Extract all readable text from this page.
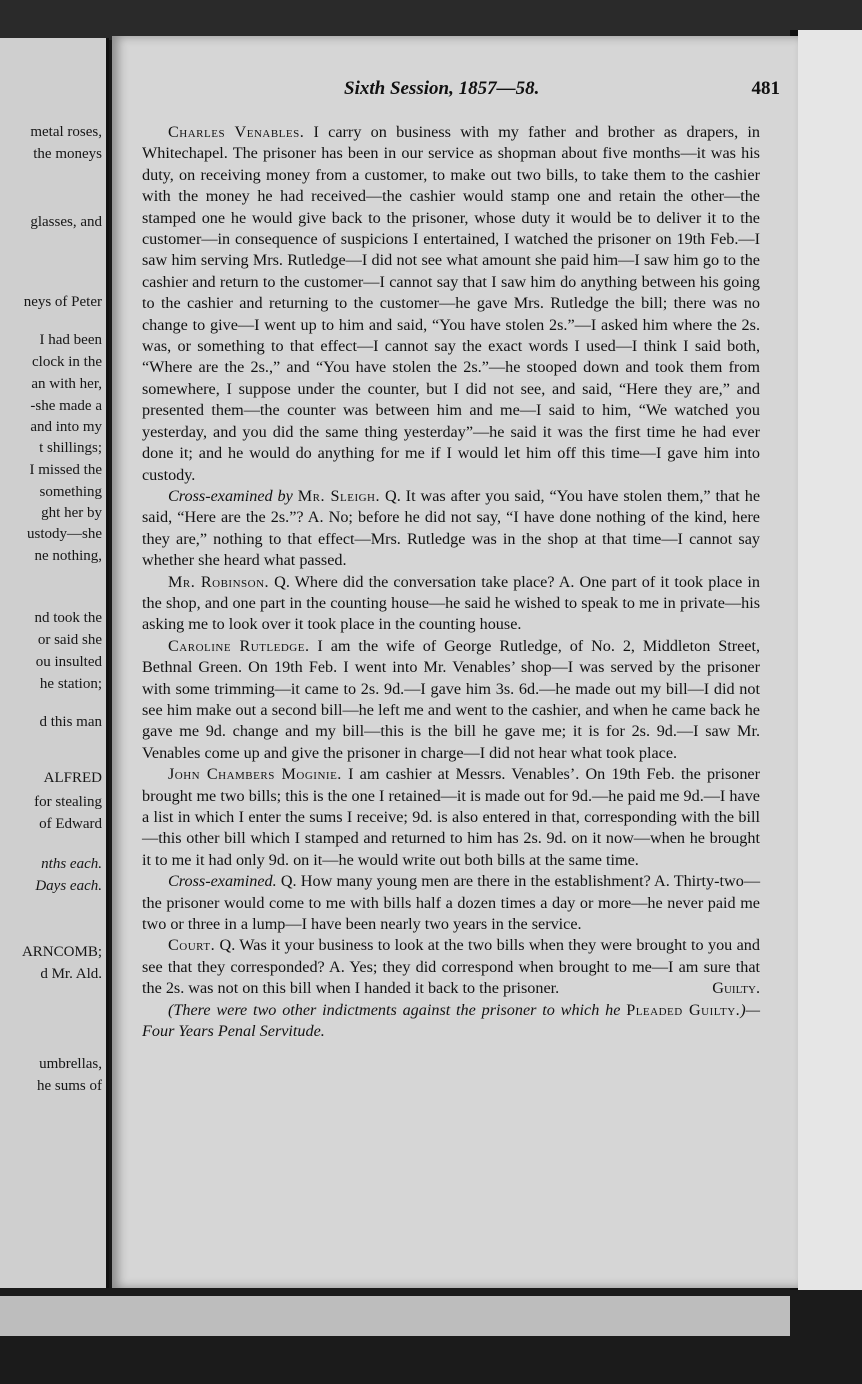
metal roses,
the moneys
glasses, and
neys of Peter
I had been
clock in the
an with her,
-she made a
and into my
t shillings;
I missed the
something
ght her by
ustody—she
ne nothing,
nd took the
or said she
ou insulted
he station;
d this man
ALFRED
for stealing
of Edward
nths each.
Days each.
ARNCOMB;
d Mr. Ald.
umbrellas,
he sums of
Sixth Session, 1857—58.	481

Charles Venables. I carry on business with my father and brother as drapers, in Whitechapel. The prisoner has been in our service as shopman about five months—it was his duty, on receiving money from a customer, to make out two bills, to take them to the cashier with the money he had received—the cashier would stamp one and retain the other—the stamped one he would give back to the prisoner, whose duty it would be to deliver it to the customer—in consequence of suspicions I entertained, I watched the prisoner on 19th Feb.—I saw him serving Mrs. Rutledge—I did not see what amount she paid him—I saw him go to the cashier and return to the customer—I cannot say that I saw him do anything between his going to the cashier and returning to the customer—he gave Mrs. Rutledge the bill; there was no change to give—I went up to him and said, “You have stolen 2s.”—I asked him where the 2s. was, or something to that effect—I cannot say the exact words I used—I think I said both, “Where are the 2s.,” and “You have stolen the 2s.”—he stooped down and took them from somewhere, I suppose under the counter, but I did not see, and said, “Here they are,” and presented them—the counter was between him and me—I said to him, “We watched you yesterday, and you did the same thing yesterday”—he said it was the first time he had ever done it; and he would do anything for me if I would let him off this time—I gave him into custody.

Cross-examined by Mr. Sleigh. Q. It was after you said, “You have stolen them,” that he said, “Here are the 2s.”? A. No; before he did not say, “I have done nothing of the kind, here they are,” nothing to that effect—Mrs. Rutledge was in the shop at that time—I cannot say whether she heard what passed.

Mr. Robinson. Q. Where did the conversation take place? A. One part of it took place in the shop, and one part in the counting house—he said he wished to speak to me in private—his asking me to look over it took place in the counting house.

Caroline Rutledge. I am the wife of George Rutledge, of No. 2, Middleton Street, Bethnal Green. On 19th Feb. I went into Mr. Venables’ shop—I was served by the prisoner with some trimming—it came to 2s. 9d.—I gave him 3s. 6d.—he made out my bill—I did not see him make out a second bill—he left me and went to the cashier, and when he came back he gave me 9d. change and my bill—this is the bill he gave me; it is for 2s. 9d.—I saw Mr. Venables come up and give the prisoner in charge—I did not hear what took place.

John Chambers Moginie. I am cashier at Messrs. Venables’. On 19th Feb. the prisoner brought me two bills; this is the one I retained—it is made out for 9d.—he paid me 9d.—I have a list in which I enter the sums I receive; 9d. is also entered in that, corresponding with the bill—this other bill which I stamped and returned to him has 2s. 9d. on it now—when he brought it to me it had only 9d. on it—he would write out both bills at the same time.

Cross-examined. Q. How many young men are there in the establishment? A. Thirty-two—the prisoner would come to me with bills half a dozen times a day or more—he never paid me two or three in a lump—I have been nearly two years in the service.

Court. Q. Was it your business to look at the two bills when they were brought to you and see that they corresponded? A. Yes; they did correspond when brought to me—I am sure that the 2s. was not on this bill when I handed it back to the prisoner.	Guilty.

(There were two other indictments against the prisoner to which he Pleaded Guilty.)—Four Years Penal Servitude.
